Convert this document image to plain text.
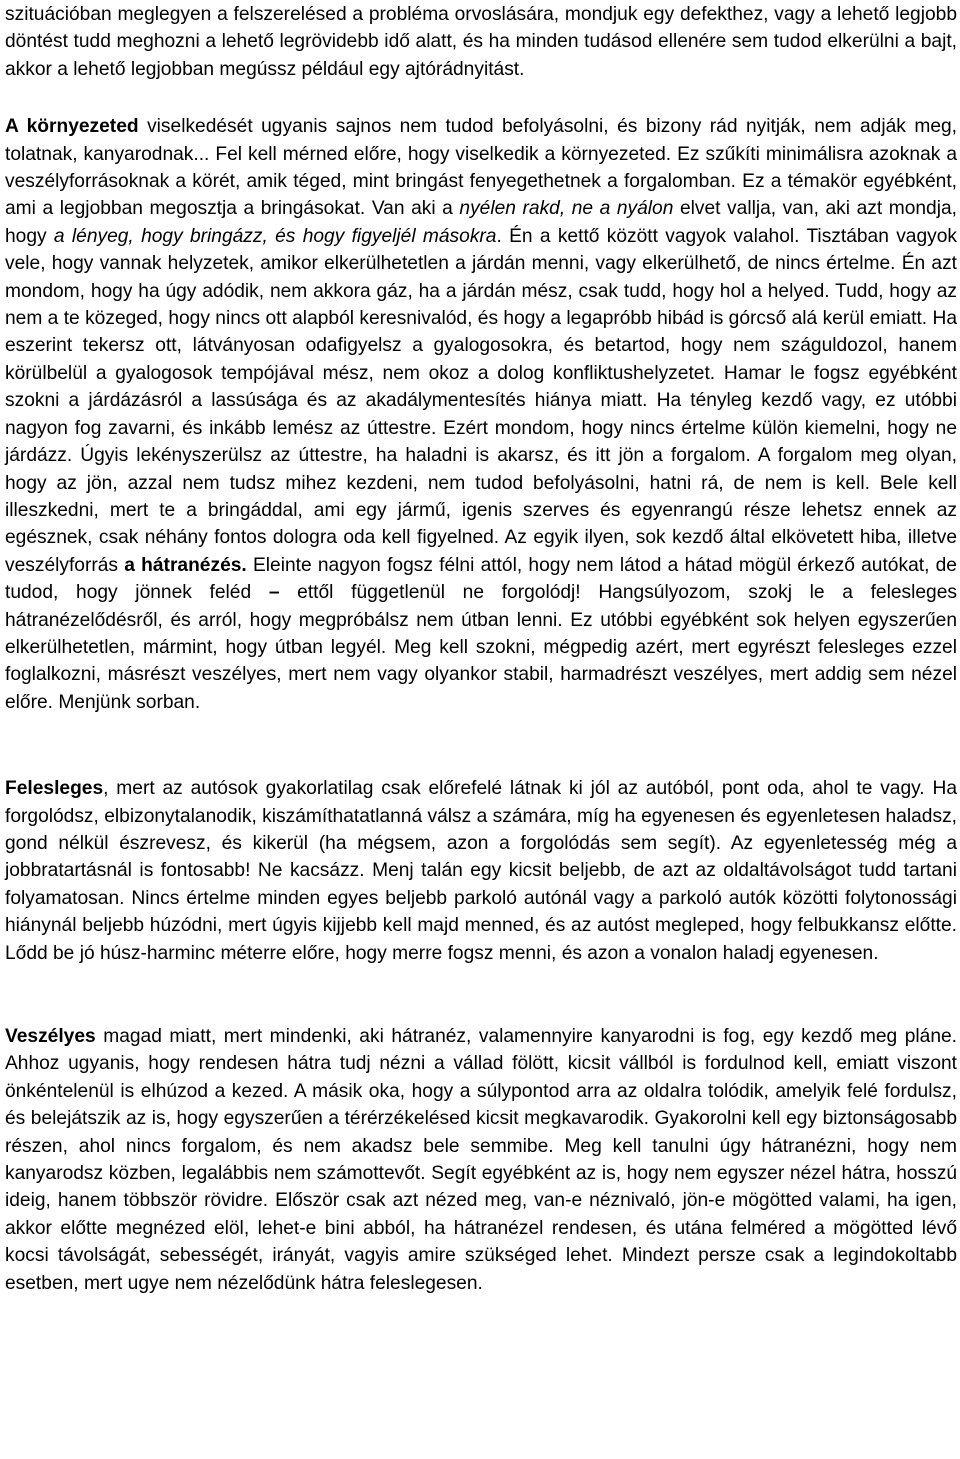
szituációban meglegyen a felszerelésed a probléma orvoslására, mondjuk egy defekthez, vagy a lehető legjobb döntést tudd meghozni a lehető legrövidebb idő alatt, és ha minden tudásod ellenére sem tudod elkerülni a bajt, akkor a lehető legjobban megússz például egy ajtórádnyitást.

A környezeted viselkedését ugyanis sajnos nem tudod befolyásolni, és bizony rád nyitják, nem adják meg, tolatnak, kanyarodnak... Fel kell mérned előre, hogy viselkedik a környezeted. Ez szűkíti minimálisra azoknak a veszélyforrásoknak a körét, amik téged, mint bringást fenyegethetnek a forgalomban. Ez a témakör egyébként, ami a legjobban megosztja a bringásokat. Van aki a nyélen rakd, ne a nyálon elvet vallja, van, aki azt mondja, hogy a lényeg, hogy bringázz, és hogy figyeljél másokra. Én a kettő között vagyok valahol. Tisztában vagyok vele, hogy vannak helyzetek, amikor elkerülhetetlen a járdán menni, vagy elkerülhető, de nincs értelme. Én azt mondom, hogy ha úgy adódik, nem akkora gáz, ha a járdán mész, csak tudd, hogy hol a helyed. Tudd, hogy az nem a te közeged, hogy nincs ott alapból keresnivalód, és hogy a legapróbb hibád is górcső alá kerül emiatt. Ha eszerint tekersz ott, látványosan odafigyelsz a gyalogosokra, és betartod, hogy nem száguldozol, hanem körülbelül a gyalogosok tempójával mész, nem okoz a dolog konfliktushelyzetet. Hamar le fogsz egyébként szokni a járdázásról a lassúsága és az akadálymentesítés hiánya miatt. Ha tényleg kezdő vagy, ez utóbbi nagyon fog zavarni, és inkább lemész az úttestre. Ezért mondom, hogy nincs értelme külön kiemelni, hogy ne járdázz. Úgyis lekényszerülsz az úttestre, ha haladni is akarsz, és itt jön a forgalom. A forgalom meg olyan, hogy az jön, azzal nem tudsz mihez kezdeni, nem tudod befolyásolni, hatni rá, de nem is kell. Bele kell illeszkedni, mert te a bringáddal, ami egy jármű, igenis szerves és egyenrangú része lehetsz ennek az egésznek, csak néhány fontos dologra oda kell figyelned. Az egyik ilyen, sok kezdő által elkövetett hiba, illetve veszélyforrás a hátranézés. Eleinte nagyon fogsz félni attól, hogy nem látod a hátad mögül érkező autókat, de tudod, hogy jönnek feléd – ettől függetlenül ne forgolódj! Hangsúlyozom, szokj le a felesleges hátranézelődésről, és arról, hogy megpróbálsz nem útban lenni. Ez utóbbi egyébként sok helyen egyszerűen elkerülhetetlen, mármint, hogy útban legyél. Meg kell szokni, mégpedig azért, mert egyrészt felesleges ezzel foglalkozni, másrészt veszélyes, mert nem vagy olyankor stabil, harmadrészt veszélyes, mert addig sem nézel előre. Menjünk sorban.

Felesleges, mert az autósok gyakorlatilag csak előrefelé látnak ki jól az autóból, pont oda, ahol te vagy. Ha forgolódsz, elbizonytalanodik, kiszámíthatatlanná válsz a számára, míg ha egyenesen és egyenletesen haladsz, gond nélkül észrevesz, és kikerül (ha mégsem, azon a forgolódás sem segít). Az egyenletesség még a jobbratartásnál is fontosabb! Ne kacsázz. Menj talán egy kicsit beljebb, de azt az oldaltávolságot tudd tartani folyamatosan. Nincs értelme minden egyes beljebb parkoló autónál vagy a parkoló autók közötti folytonossági hiánynál beljebb húzódni, mert úgyis kijjebb kell majd menned, és az autóst megleped, hogy felbukkansz előtte. Lődd be jó húsz-harminc méterre előre, hogy merre fogsz menni, és azon a vonalon haladj egyenesen.

Veszélyes magad miatt, mert mindenki, aki hátranéz, valamennyire kanyarodni is fog, egy kezdő meg pláne. Ahhoz ugyanis, hogy rendesen hátra tudj nézni a vállad fölött, kicsit vállból is fordulnod kell, emiatt viszont önkéntelenül is elhúzod a kezed. A másik oka, hogy a súlypontod arra az oldalra tolódik, amelyik felé fordulsz, és belejátszik az is, hogy egyszerűen a térérzékelésed kicsit megkavarodik. Gyakorolni kell egy biztonságosabb részen, ahol nincs forgalom, és nem akadsz bele semmibe. Meg kell tanulni úgy hátranézni, hogy nem kanyarodsz közben, legalábbis nem számottevőt. Segít egyébként az is, hogy nem egyszer nézel hátra, hosszú ideig, hanem többször rövidre. Először csak azt nézed meg, van-e néznivaló, jön-e mögötted valami, ha igen, akkor előtte megnézed elöl, lehet-e bini abból, ha hátranézel rendesen, és utána felméred a mögötted lévő kocsi távolságát, sebességét, irányát, vagyis amire szükséged lehet. Mindezt persze csak a legindokoltabb esetben, mert ugye nem nézelődünk hátra feleslegesen.
